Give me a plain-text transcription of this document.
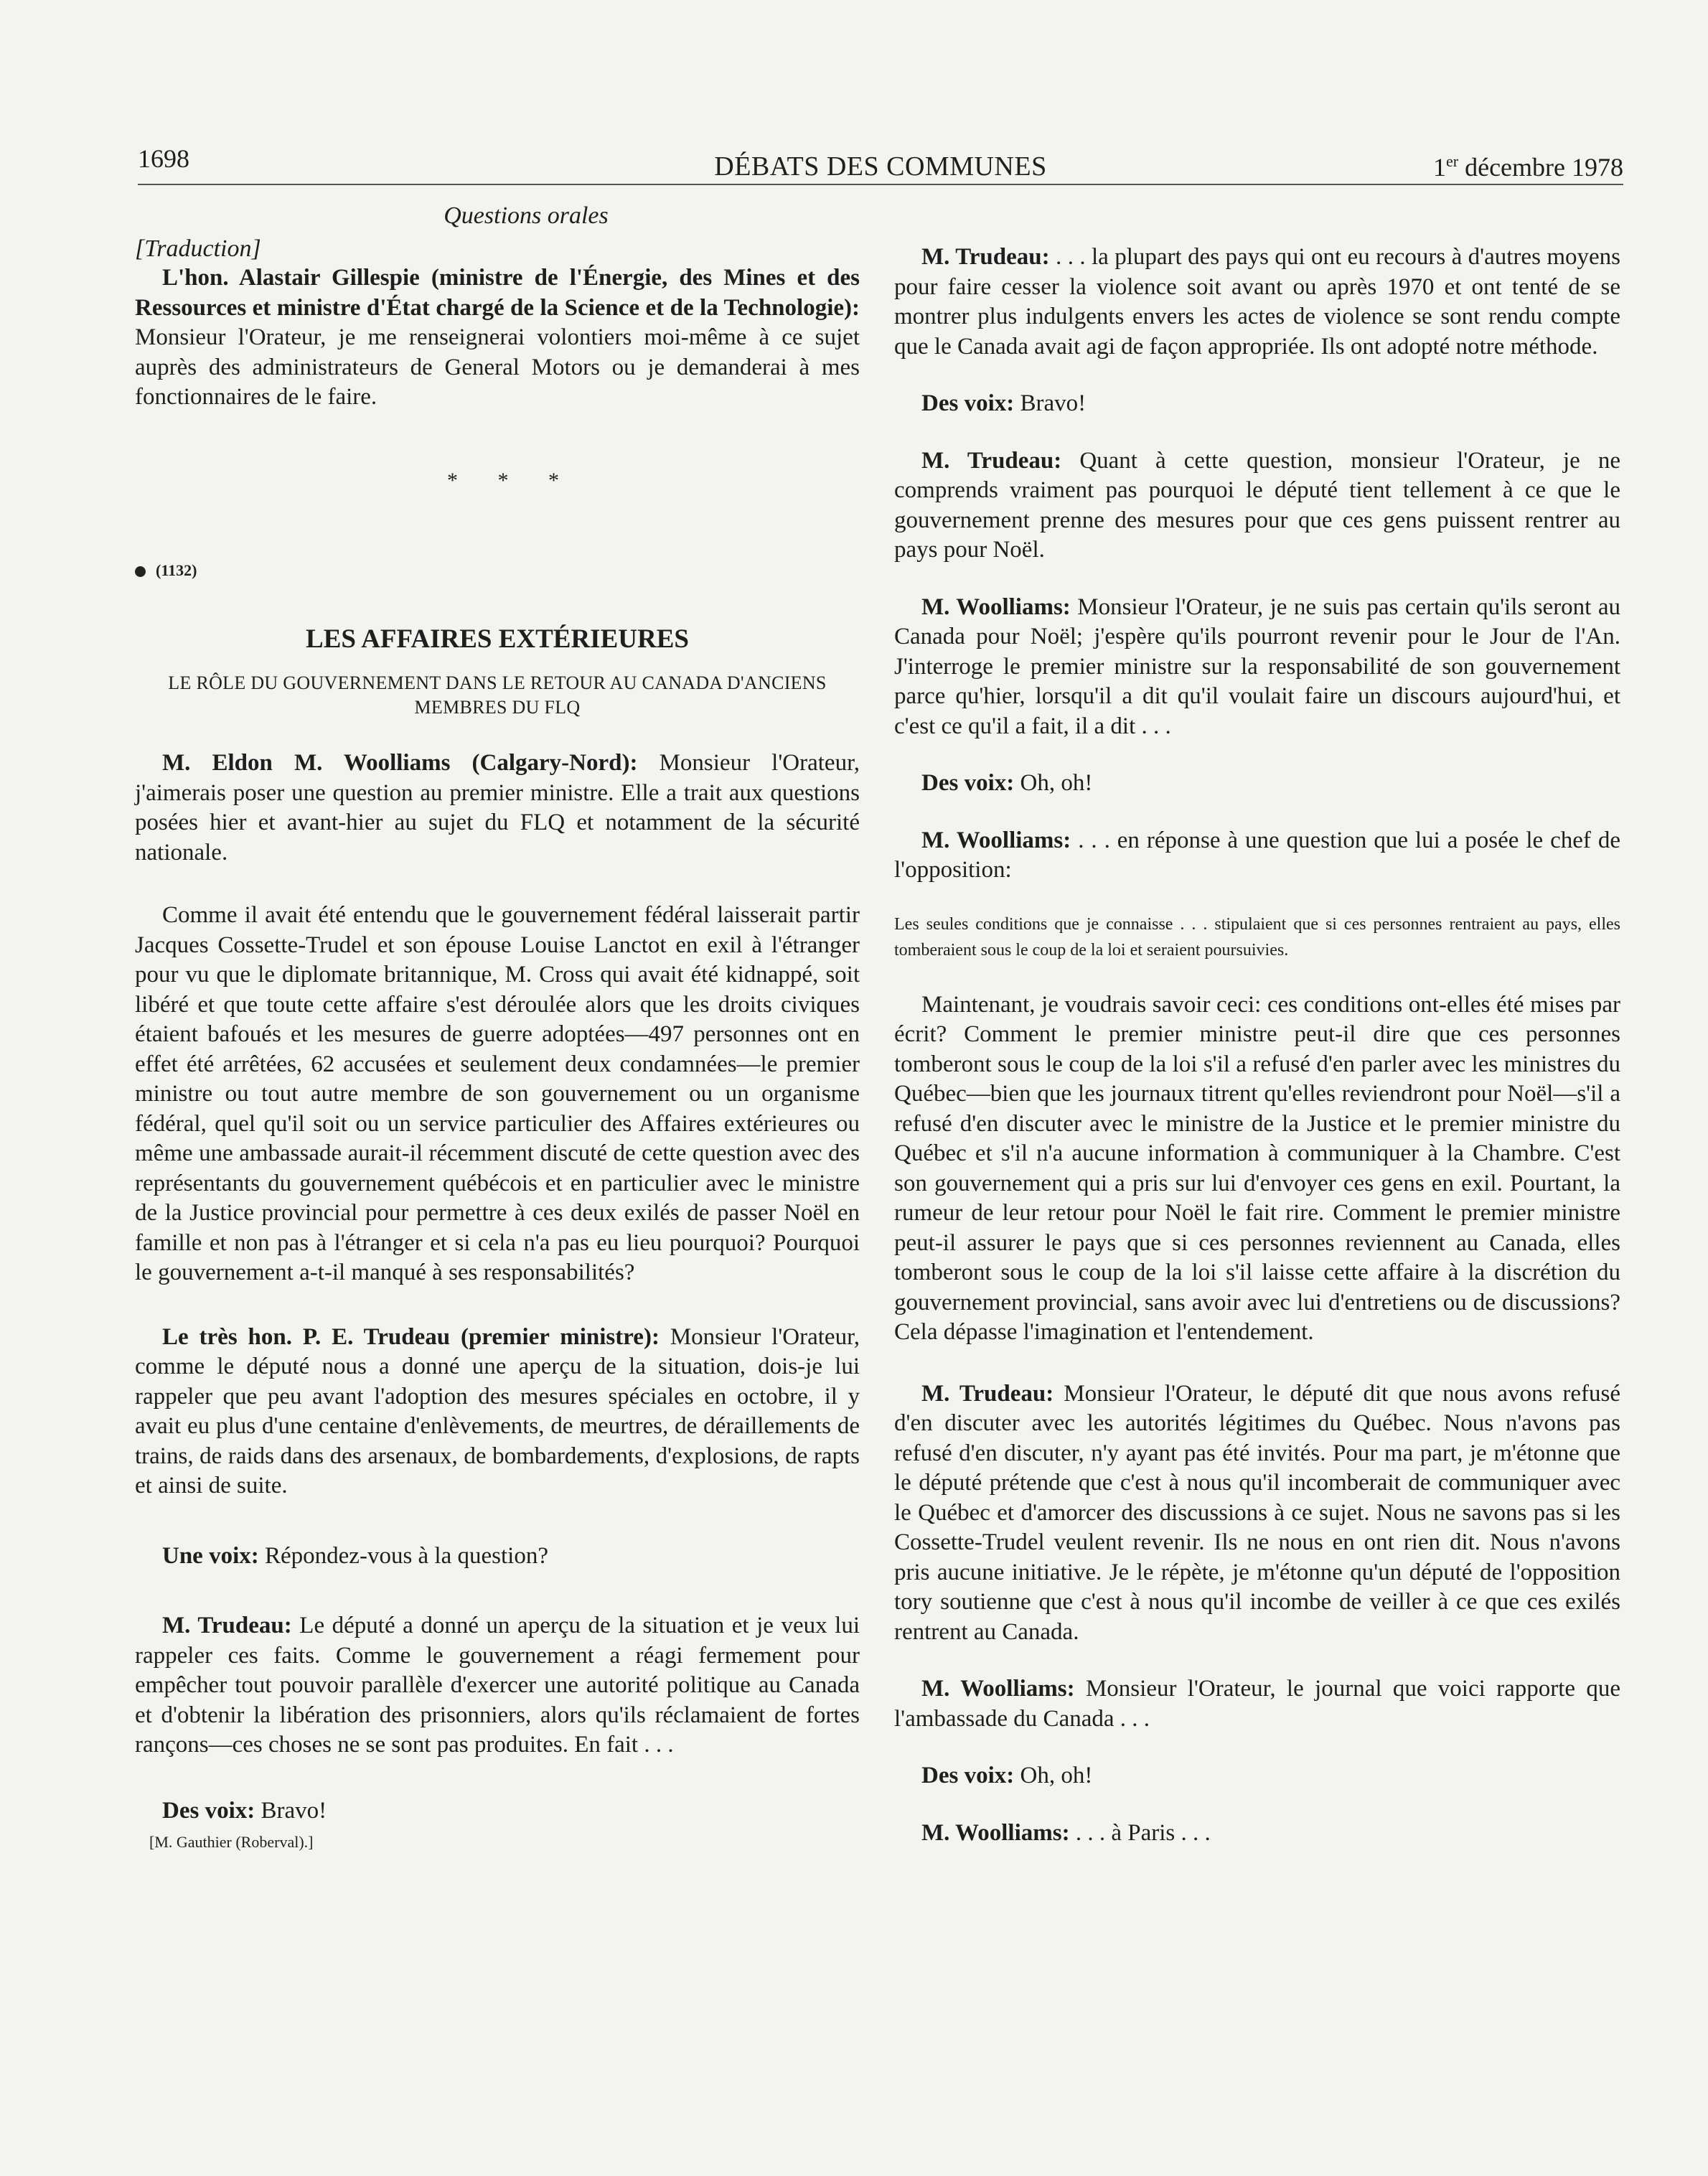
1698	DÉBATS DES COMMUNES	1er décembre 1978

Questions orales

[Traduction]

L'hon. Alastair Gillespie (ministre de l'Énergie, des Mines et des Ressources et ministre d'État chargé de la Science et de la Technologie): Monsieur l'Orateur, je me renseignerai volontiers moi-même à ce sujet auprès des administrateurs de General Motors ou je demanderai à mes fonctionnaires de le faire.

* * *

(1132)

LES AFFAIRES EXTÉRIEURES

LE RÔLE DU GOUVERNEMENT DANS LE RETOUR AU CANADA D'ANCIENS MEMBRES DU FLQ

M. Eldon M. Woolliams (Calgary-Nord): Monsieur l'Orateur, j'aimerais poser une question au premier ministre. Elle a trait aux questions posées hier et avant-hier au sujet du FLQ et notamment de la sécurité nationale.

Comme il avait été entendu que le gouvernement fédéral laisserait partir Jacques Cossette-Trudel et son épouse Louise Lanctot en exil à l'étranger pour vu que le diplomate britannique, M. Cross qui avait été kidnappé, soit libéré et que toute cette affaire s'est déroulée alors que les droits civiques étaient bafoués et les mesures de guerre adoptées—497 personnes ont en effet été arrêtées, 62 accusées et seulement deux condamnées—le premier ministre ou tout autre membre de son gouvernement ou un organisme fédéral, quel qu'il soit ou un service particulier des Affaires extérieures ou même une ambassade aurait-il récemment discuté de cette question avec des représentants du gouvernement québécois et en particulier avec le ministre de la Justice provincial pour permettre à ces deux exilés de passer Noël en famille et non pas à l'étranger et si cela n'a pas eu lieu pourquoi? Pourquoi le gouvernement a-t-il manqué à ses responsabilités?

Le très hon. P. E. Trudeau (premier ministre): Monsieur l'Orateur, comme le député nous a donné une aperçu de la situation, dois-je lui rappeler que peu avant l'adoption des mesures spéciales en octobre, il y avait eu plus d'une centaine d'enlèvements, de meurtres, de déraillements de trains, de raids dans des arsenaux, de bombardements, d'explosions, de rapts et ainsi de suite.

Une voix: Répondez-vous à la question?

M. Trudeau: Le député a donné un aperçu de la situation et je veux lui rappeler ces faits. Comme le gouvernement a réagi fermement pour empêcher tout pouvoir parallèle d'exercer une autorité politique au Canada et d'obtenir la libération des prisonniers, alors qu'ils réclamaient de fortes rançons—ces choses ne se sont pas produites. En fait . . .

Des voix: Bravo!

[M. Gauthier (Roberval).]

M. Trudeau: . . . la plupart des pays qui ont eu recours à d'autres moyens pour faire cesser la violence soit avant ou après 1970 et ont tenté de se montrer plus indulgents envers les actes de violence se sont rendu compte que le Canada avait agi de façon appropriée. Ils ont adopté notre méthode.

Des voix: Bravo!

M. Trudeau: Quant à cette question, monsieur l'Orateur, je ne comprends vraiment pas pourquoi le député tient tellement à ce que le gouvernement prenne des mesures pour que ces gens puissent rentrer au pays pour Noël.

M. Woolliams: Monsieur l'Orateur, je ne suis pas certain qu'ils seront au Canada pour Noël; j'espère qu'ils pourront revenir pour le Jour de l'An. J'interroge le premier ministre sur la responsabilité de son gouvernement parce qu'hier, lorsqu'il a dit qu'il voulait faire un discours aujourd'hui, et c'est ce qu'il a fait, il a dit . . .

Des voix: Oh, oh!

M. Woolliams: . . . en réponse à une question que lui a posée le chef de l'opposition:

Les seules conditions que je connaisse . . . stipulaient que si ces personnes rentraient au pays, elles tomberaient sous le coup de la loi et seraient poursuivies.

Maintenant, je voudrais savoir ceci: ces conditions ont-elles été mises par écrit? Comment le premier ministre peut-il dire que ces personnes tomberont sous le coup de la loi s'il a refusé d'en parler avec les ministres du Québec—bien que les journaux titrent qu'elles reviendront pour Noël—s'il a refusé d'en discuter avec le ministre de la Justice et le premier ministre du Québec et s'il n'a aucune information à communiquer à la Chambre. C'est son gouvernement qui a pris sur lui d'envoyer ces gens en exil. Pourtant, la rumeur de leur retour pour Noël le fait rire. Comment le premier ministre peut-il assurer le pays que si ces personnes reviennent au Canada, elles tomberont sous le coup de la loi s'il laisse cette affaire à la discrétion du gouvernement provincial, sans avoir avec lui d'entretiens ou de discussions? Cela dépasse l'imagination et l'entendement.

M. Trudeau: Monsieur l'Orateur, le député dit que nous avons refusé d'en discuter avec les autorités légitimes du Québec. Nous n'avons pas refusé d'en discuter, n'y ayant pas été invités. Pour ma part, je m'étonne que le député prétende que c'est à nous qu'il incomberait de communiquer avec le Québec et d'amorcer des discussions à ce sujet. Nous ne savons pas si les Cossette-Trudel veulent revenir. Ils ne nous en ont rien dit. Nous n'avons pris aucune initiative. Je le répète, je m'étonne qu'un député de l'opposition tory soutienne que c'est à nous qu'il incombe de veiller à ce que ces exilés rentrent au Canada.

M. Woolliams: Monsieur l'Orateur, le journal que voici rapporte que l'ambassade du Canada . . .

Des voix: Oh, oh!

M. Woolliams: . . . à Paris . . .
